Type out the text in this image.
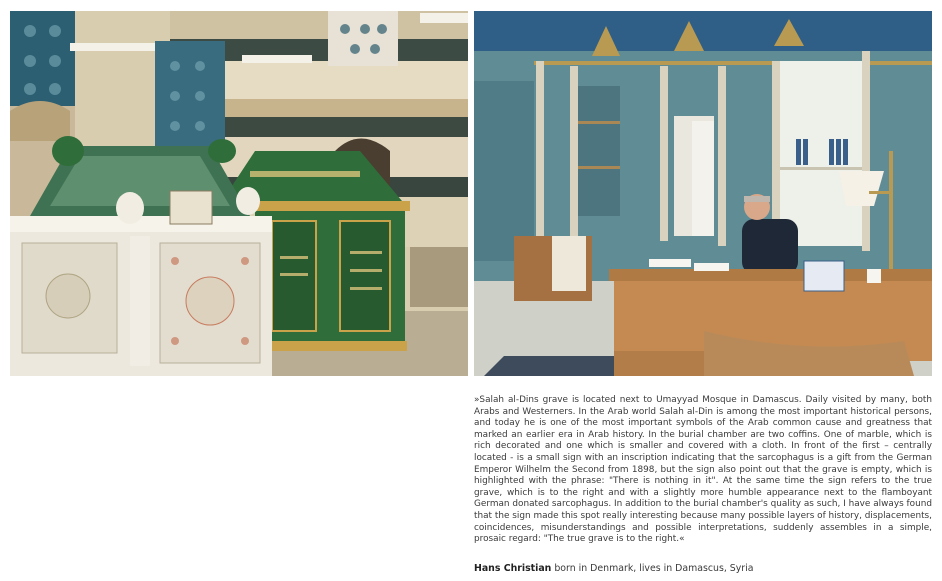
»Salah al-Dins grave is located next to Umayyad Mosque in Damascus. Daily visited by many, both Arabs and Westerners. In the Arab world Salah al-Din is among the most important historical persons, and today he is one of the most important symbols of the Arab common cause and greatness that marked an earlier era in Arab history. In the burial chamber are two coffins. One of marble, which is rich decorated and one which is smaller and covered with a cloth. In front of the first – centrally located - is a small sign with an inscription indicating that the sarcophagus is a gift from the German Emperor Wilhelm the Second from 1898, but the sign also point out that the grave is empty, which is highlighted with the phrase: "There is nothing in it". At the same time the sign refers to the true grave, which is to the right and with a slightly more humble appearance next to the flamboyant German donated sarcophagus. In addition to the burial chamber's quality as such, I have always found that the sign made this spot really interesting because many possible layers of history, displacements, coincidences, misunderstandings and possible interpretations, suddenly assembles in a simple, prosaic regard: "The true grave is to the right.«

Hans Christian born in Denmark, lives in Damascus, Syria
